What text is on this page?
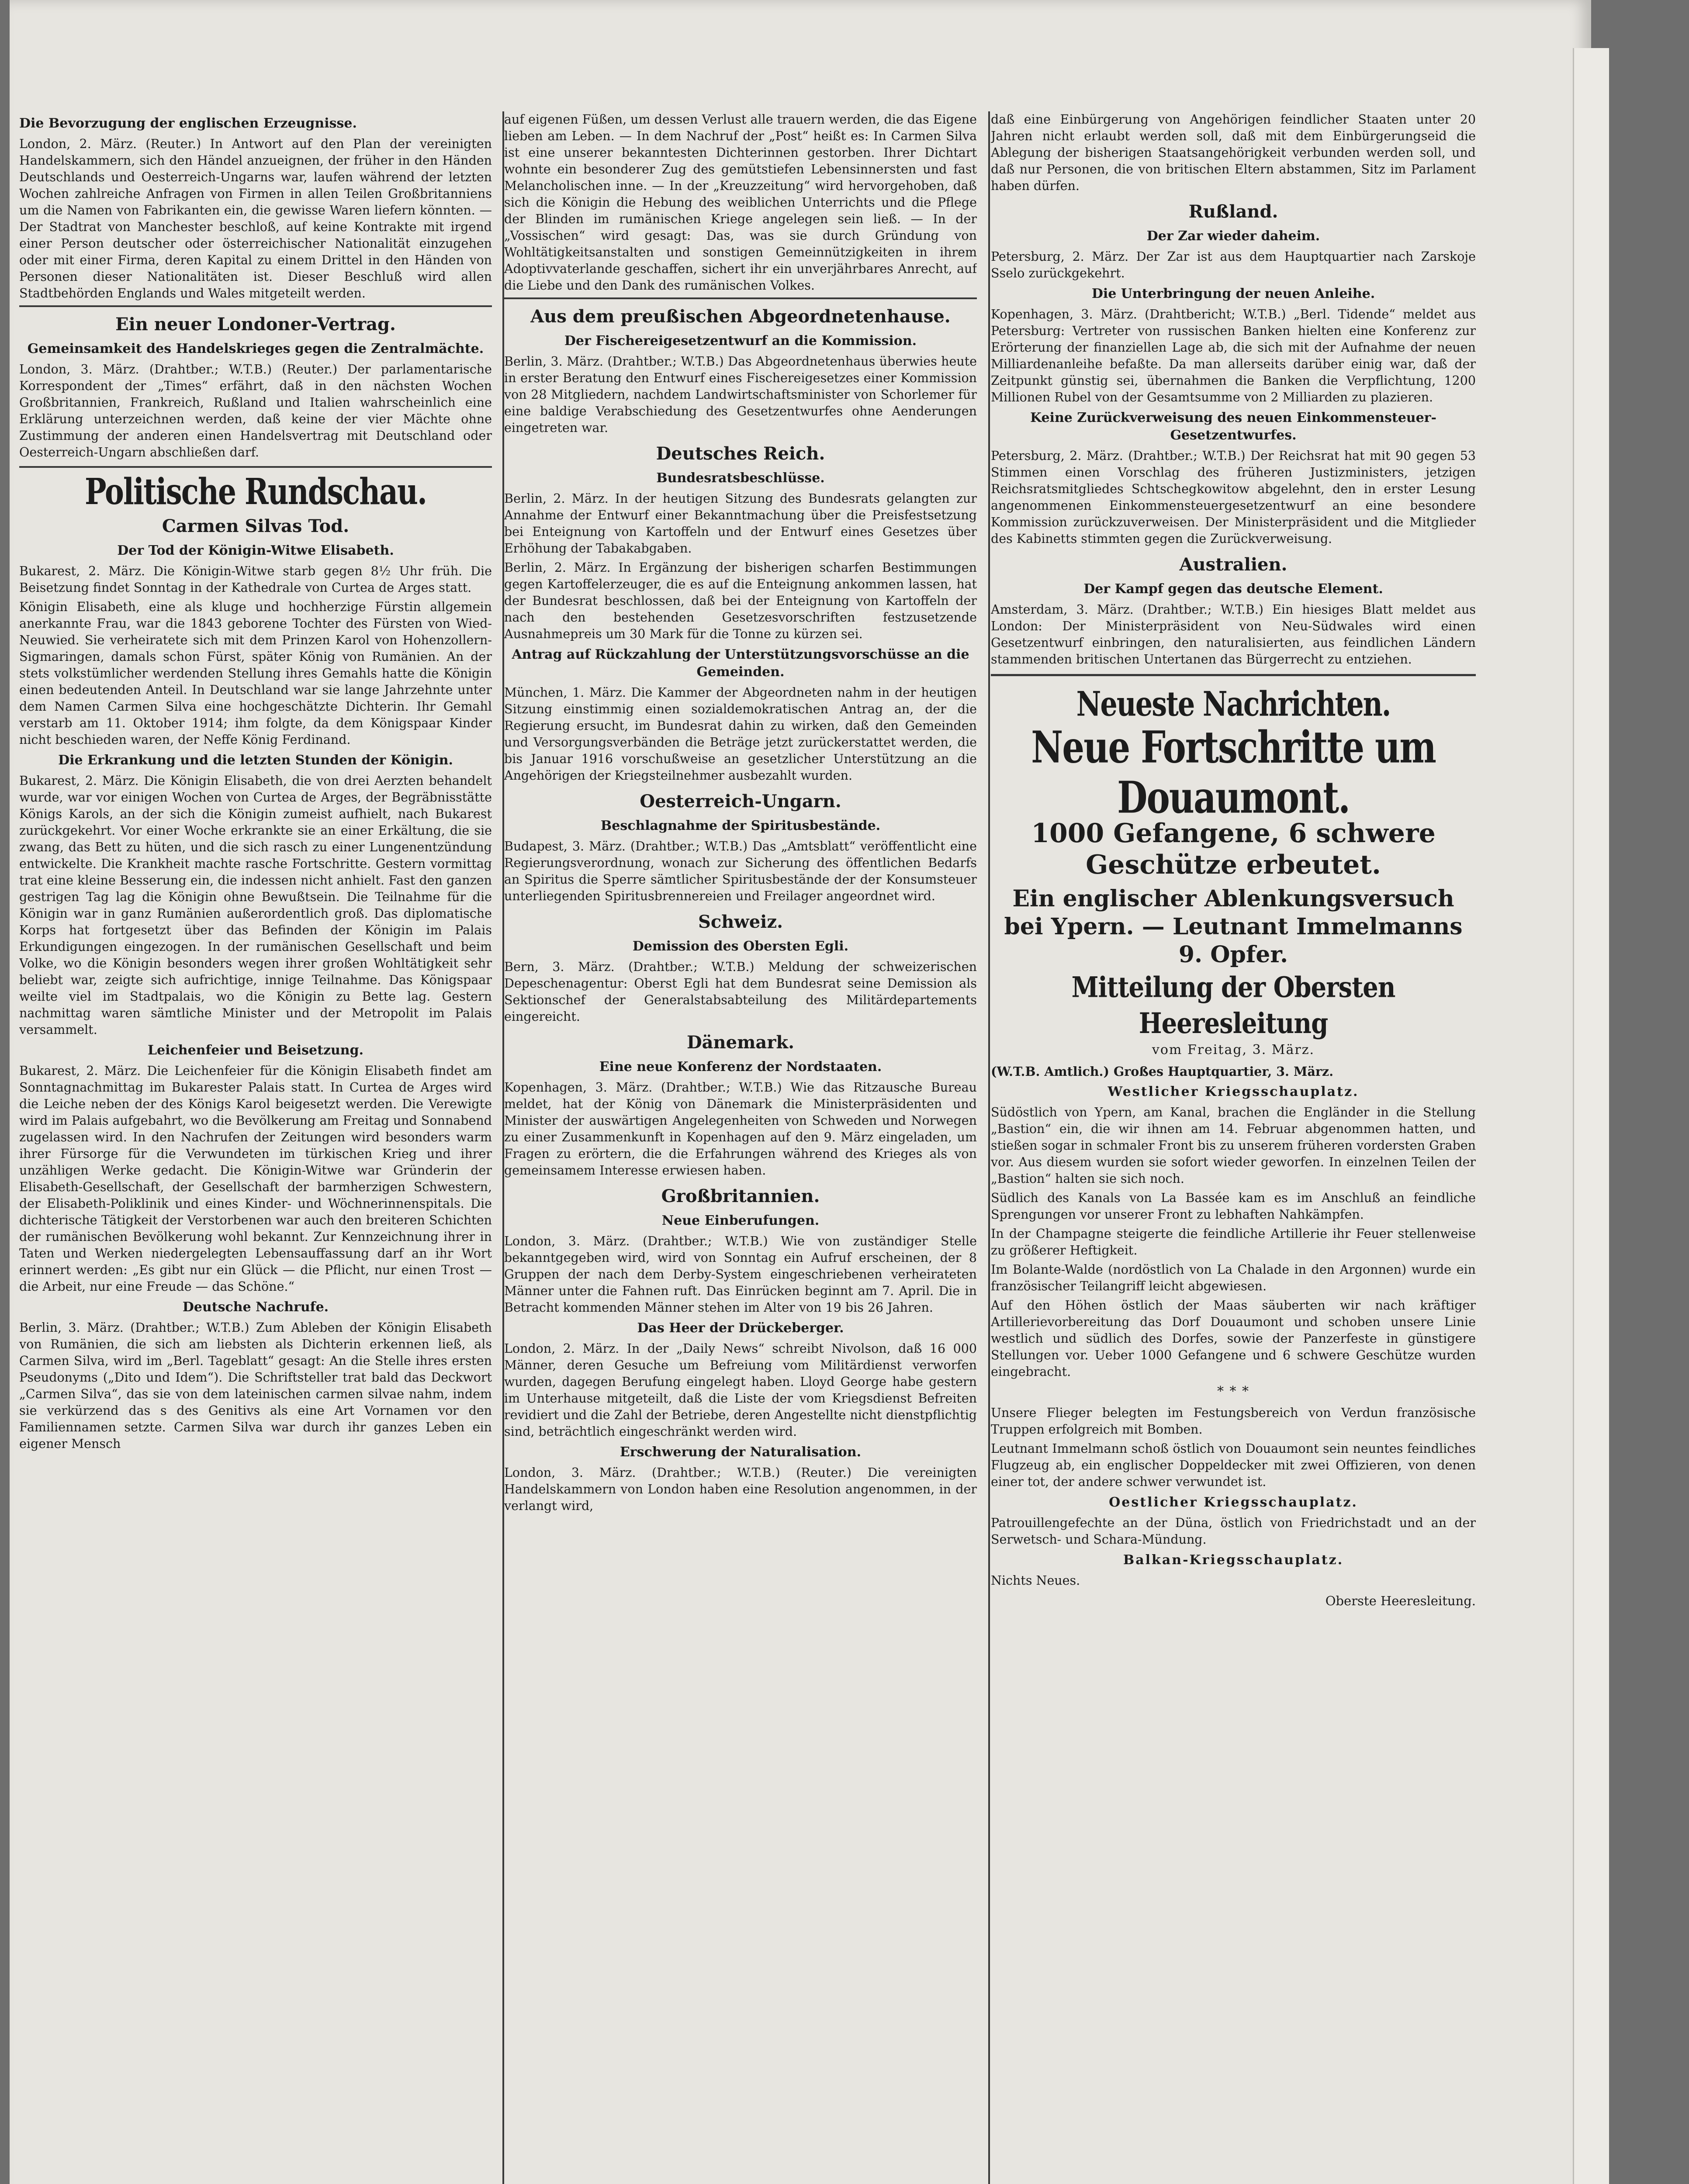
Die Bevorzugung der englischen Erzeugnisse.

London, 2. März. (Reuter.) In Antwort auf den Plan der vereinigten Handelskammern, sich den Händel anzueignen, der früher in den Händen Deutschlands und Oesterreich-Ungarns war, laufen während der letzten Wochen zahlreiche Anfragen von Firmen in allen Teilen Großbritanniens um die Namen von Fabrikanten ein, die gewisse Waren liefern könnten. — Der Stadtrat von Manchester beschloß, auf keine Kontrakte mit irgend einer Person deutscher oder österreichischer Nationalität einzugehen oder mit einer Firma, deren Kapital zu einem Drittel in den Händen von Personen dieser Nationalitäten ist. Dieser Beschluß wird allen Stadtbehörden Englands und Wales mitgeteilt werden.

Ein neuer Londoner-Vertrag.

Gemeinsamkeit des Handelskrieges gegen die Zentralmächte.

London, 3. März. (Drahtber.; W.T.B.) (Reuter.) Der parlamentarische Korrespondent der „Times“ erfährt, daß in den nächsten Wochen Großbritannien, Frankreich, Rußland und Italien wahrscheinlich eine Erklärung unterzeichnen werden, daß keine der vier Mächte ohne Zustimmung der anderen einen Handelsvertrag mit Deutschland oder Oesterreich-Ungarn abschließen darf.

Politische Rundschau.

Carmen Silvas Tod.

Der Tod der Königin-Witwe Elisabeth.

Bukarest, 2. März. Die Königin-Witwe starb gegen 8½ Uhr früh. Die Beisetzung findet Sonntag in der Kathedrale von Curtea de Arges statt.

Königin Elisabeth, eine als kluge und hochherzige Fürstin allgemein anerkannte Frau, war die 1843 geborene Tochter des Fürsten von Wied-Neuwied. Sie verheiratete sich mit dem Prinzen Karol von Hohenzollern-Sigmaringen, damals schon Fürst, später König von Rumänien. An der stets volkstümlicher werdenden Stellung ihres Gemahls hatte die Königin einen bedeutenden Anteil. In Deutschland war sie lange Jahrzehnte unter dem Namen Carmen Silva eine hochgeschätzte Dichterin. Ihr Gemahl verstarb am 11. Oktober 1914; ihm folgte, da dem Königspaar Kinder nicht beschieden waren, der Neffe König Ferdinand.

Die Erkrankung und die letzten Stunden der Königin.

Bukarest, 2. März. Die Königin Elisabeth, die von drei Aerzten behandelt wurde, war vor einigen Wochen von Curtea de Arges, der Begräbnisstätte Königs Karols, an der sich die Königin zumeist aufhielt, nach Bukarest zurückgekehrt. Vor einer Woche erkrankte sie an einer Erkältung, die sie zwang, das Bett zu hüten, und die sich rasch zu einer Lungenentzündung entwickelte. Die Krankheit machte rasche Fortschritte. Gestern vormittag trat eine kleine Besserung ein, die indessen nicht anhielt. Fast den ganzen gestrigen Tag lag die Königin ohne Bewußtsein. Die Teilnahme für die Königin war in ganz Rumänien außerordentlich groß. Das diplomatische Korps hat fortgesetzt über das Befinden der Königin im Palais Erkundigungen eingezogen. In der rumänischen Gesellschaft und beim Volke, wo die Königin besonders wegen ihrer großen Wohltätigkeit sehr beliebt war, zeigte sich aufrichtige, innige Teilnahme. Das Königspaar weilte viel im Stadtpalais, wo die Königin zu Bette lag. Gestern nachmittag waren sämtliche Minister und der Metropolit im Palais versammelt.

Leichenfeier und Beisetzung.

Bukarest, 2. März. Die Leichenfeier für die Königin Elisabeth findet am Sonntagnachmittag im Bukarester Palais statt. In Curtea de Arges wird die Leiche neben der des Königs Karol beigesetzt werden. Die Verewigte wird im Palais aufgebahrt, wo die Bevölkerung am Freitag und Sonnabend zugelassen wird. In den Nachrufen der Zeitungen wird besonders warm ihrer Fürsorge für die Verwundeten im türkischen Krieg und ihrer unzähligen Werke gedacht. Die Königin-Witwe war Gründerin der Elisabeth-Gesellschaft, der Gesellschaft der barmherzigen Schwestern, der Elisabeth-Poliklinik und eines Kinder- und Wöchnerinnenspitals. Die dichterische Tätigkeit der Verstorbenen war auch den breiteren Schichten der rumänischen Bevölkerung wohl bekannt. Zur Kennzeichnung ihrer in Taten und Werken niedergelegten Lebensauffassung darf an ihr Wort erinnert werden: „Es gibt nur ein Glück — die Pflicht, nur einen Trost — die Arbeit, nur eine Freude — das Schöne.“

Deutsche Nachrufe.

Berlin, 3. März. (Drahtber.; W.T.B.) Zum Ableben der Königin Elisabeth von Rumänien, die sich am liebsten als Dichterin erkennen ließ, als Carmen Silva, wird im „Berl. Tageblatt“ gesagt: An die Stelle ihres ersten Pseudonyms („Dito und Idem“). Die Schriftsteller trat bald das Deckwort „Carmen Silva“, das sie von dem lateinischen carmen silvae nahm, indem sie verkürzend das s des Genitivs als eine Art Vornamen vor den Familiennamen setzte. Carmen Silva war durch ihr ganzes Leben ein eigener Mensch

auf eigenen Füßen, um dessen Verlust alle trauern werden, die das Eigene lieben am Leben. — In dem Nachruf der „Post“ heißt es: In Carmen Silva ist eine unserer bekanntesten Dichterinnen gestorben. Ihrer Dichtart wohnte ein besonderer Zug des gemütstiefen Lebensinnersten und fast Melancholischen inne. — In der „Kreuzzeitung“ wird hervorgehoben, daß sich die Königin die Hebung des weiblichen Unterrichts und die Pflege der Blinden im rumänischen Kriege angelegen sein ließ. — In der „Vossischen“ wird gesagt: Das, was sie durch Gründung von Wohltätigkeitsanstalten und sonstigen Gemeinnützigkeiten in ihrem Adoptivvaterlande geschaffen, sichert ihr ein unverjährbares Anrecht, auf die Liebe und den Dank des rumänischen Volkes.

Aus dem preußischen Abgeordnetenhause.

Der Fischereigesetzentwurf an die Kommission.

Berlin, 3. März. (Drahtber.; W.T.B.) Das Abgeordnetenhaus überwies heute in erster Beratung den Entwurf eines Fischereigesetzes einer Kommission von 28 Mitgliedern, nachdem Landwirtschaftsminister von Schorlemer für eine baldige Verabschiedung des Gesetzentwurfes ohne Aenderungen eingetreten war.

Deutsches Reich.

Bundesratsbeschlüsse.

Berlin, 2. März. In der heutigen Sitzung des Bundesrats gelangten zur Annahme der Entwurf einer Bekanntmachung über die Preisfestsetzung bei Enteignung von Kartoffeln und der Entwurf eines Gesetzes über Erhöhung der Tabakabgaben.

Berlin, 2. März. In Ergänzung der bisherigen scharfen Bestimmungen gegen Kartoffelerzeuger, die es auf die Enteignung ankommen lassen, hat der Bundesrat beschlossen, daß bei der Enteignung von Kartoffeln der nach den bestehenden Gesetzesvorschriften festzusetzende Ausnahmepreis um 30 Mark für die Tonne zu kürzen sei.

Antrag auf Rückzahlung der Unterstützungsvorschüsse an die Gemeinden.

München, 1. März. Die Kammer der Abgeordneten nahm in der heutigen Sitzung einstimmig einen sozialdemokratischen Antrag an, der die Regierung ersucht, im Bundesrat dahin zu wirken, daß den Gemeinden und Versorgungsverbänden die Beträge jetzt zurückerstattet werden, die bis Januar 1916 vorschußweise an gesetzlicher Unterstützung an die Angehörigen der Kriegsteilnehmer ausbezahlt wurden.

Oesterreich-Ungarn.

Beschlagnahme der Spiritusbestände.

Budapest, 3. März. (Drahtber.; W.T.B.) Das „Amtsblatt“ veröffentlicht eine Regierungsverordnung, wonach zur Sicherung des öffentlichen Bedarfs an Spiritus die Sperre sämtlicher Spiritusbestände der der Konsumsteuer unterliegenden Spiritusbrennereien und Freilager angeordnet wird.

Schweiz.

Demission des Obersten Egli.

Bern, 3. März. (Drahtber.; W.T.B.) Meldung der schweizerischen Depeschenagentur: Oberst Egli hat dem Bundesrat seine Demission als Sektionschef der Generalstabsabteilung des Militärdepartements eingereicht.

Dänemark.

Eine neue Konferenz der Nordstaaten.

Kopenhagen, 3. März. (Drahtber.; W.T.B.) Wie das Ritzausche Bureau meldet, hat der König von Dänemark die Ministerpräsidenten und Minister der auswärtigen Angelegenheiten von Schweden und Norwegen zu einer Zusammenkunft in Kopenhagen auf den 9. März eingeladen, um Fragen zu erörtern, die die Erfahrungen während des Krieges als von gemeinsamem Interesse erwiesen haben.

Großbritannien.

Neue Einberufungen.

London, 3. März. (Drahtber.; W.T.B.) Wie von zuständiger Stelle bekanntgegeben wird, wird von Sonntag ein Aufruf erscheinen, der 8 Gruppen der nach dem Derby-System eingeschriebenen verheirateten Männer unter die Fahnen ruft. Das Einrücken beginnt am 7. April. Die in Betracht kommenden Männer stehen im Alter von 19 bis 26 Jahren.

Das Heer der Drückeberger.

London, 2. März. In der „Daily News“ schreibt Nivolson, daß 16 000 Männer, deren Gesuche um Befreiung vom Militärdienst verworfen wurden, dagegen Berufung eingelegt haben. Lloyd George habe gestern im Unterhause mitgeteilt, daß die Liste der vom Kriegsdienst Befreiten revidiert und die Zahl der Betriebe, deren Angestellte nicht dienstpflichtig sind, beträchtlich eingeschränkt werden wird.

Erschwerung der Naturalisation.

London, 3. März. (Drahtber.; W.T.B.) (Reuter.) Die vereinigten Handelskammern von London haben eine Resolution angenommen, in der verlangt wird,

daß eine Einbürgerung von Angehörigen feindlicher Staaten unter 20 Jahren nicht erlaubt werden soll, daß mit dem Einbürgerungseid die Ablegung der bisherigen Staatsangehörigkeit verbunden werden soll, und daß nur Personen, die von britischen Eltern abstammen, Sitz im Parlament haben dürfen.

Rußland.

Der Zar wieder daheim.

Petersburg, 2. März. Der Zar ist aus dem Hauptquartier nach Zarskoje Sselo zurückgekehrt.

Die Unterbringung der neuen Anleihe.

Kopenhagen, 3. März. (Drahtbericht; W.T.B.) „Berl. Tidende“ meldet aus Petersburg: Vertreter von russischen Banken hielten eine Konferenz zur Erörterung der finanziellen Lage ab, die sich mit der Aufnahme der neuen Milliardenanleihe befaßte. Da man allerseits darüber einig war, daß der Zeitpunkt günstig sei, übernahmen die Banken die Verpflichtung, 1200 Millionen Rubel von der Gesamtsumme von 2 Milliarden zu plazieren.

Keine Zurückverweisung des neuen Einkommensteuer-Gesetzentwurfes.

Petersburg, 2. März. (Drahtber.; W.T.B.) Der Reichsrat hat mit 90 gegen 53 Stimmen einen Vorschlag des früheren Justizministers, jetzigen Reichsratsmitgliedes Schtschegkowitow abgelehnt, den in erster Lesung angenommenen Einkommensteuergesetzentwurf an eine besondere Kommission zurückzuverweisen. Der Ministerpräsident und die Mitglieder des Kabinetts stimmten gegen die Zurückverweisung.

Australien.

Der Kampf gegen das deutsche Element.

Amsterdam, 3. März. (Drahtber.; W.T.B.) Ein hiesiges Blatt meldet aus London: Der Ministerpräsident von Neu-Südwales wird einen Gesetzentwurf einbringen, den naturalisierten, aus feindlichen Ländern stammenden britischen Untertanen das Bürgerrecht zu entziehen.

Neueste Nachrichten.

Neue Fortschritte um Douaumont.

1000 Gefangene, 6 schwere Geschütze erbeutet.

Ein englischer Ablenkungsversuch bei Ypern. — Leutnant Immelmanns 9. Opfer.

Mitteilung der Obersten Heeresleitung

vom Freitag, 3. März.

(W.T.B. Amtlich.) Großes Hauptquartier, 3. März.

Westlicher Kriegsschauplatz.

Südöstlich von Ypern, am Kanal, brachen die Engländer in die Stellung „Bastion“ ein, die wir ihnen am 14. Februar abgenommen hatten, und stießen sogar in schmaler Front bis zu unserem früheren vordersten Graben vor. Aus diesem wurden sie sofort wieder geworfen. In einzelnen Teilen der „Bastion“ halten sie sich noch.

Südlich des Kanals von La Bassée kam es im Anschluß an feindliche Sprengungen vor unserer Front zu lebhaften Nahkämpfen.

In der Champagne steigerte die feindliche Artillerie ihr Feuer stellenweise zu größerer Heftigkeit.

Im Bolante-Walde (nordöstlich von La Chalade in den Argonnen) wurde ein französischer Teilangriff leicht abgewiesen.

Auf den Höhen östlich der Maas säuberten wir nach kräftiger Artillerievorbereitung das Dorf Douaumont und schoben unsere Linie westlich und südlich des Dorfes, sowie der Panzerfeste in günstigere Stellungen vor. Ueber 1000 Gefangene und 6 schwere Geschütze wurden eingebracht.

* * *

Unsere Flieger belegten im Festungsbereich von Verdun französische Truppen erfolgreich mit Bomben.

Leutnant Immelmann schoß östlich von Douaumont sein neuntes feindliches Flugzeug ab, ein englischer Doppeldecker mit zwei Offizieren, von denen einer tot, der andere schwer verwundet ist.

Oestlicher Kriegsschauplatz.

Patrouillengefechte an der Düna, östlich von Friedrichstadt und an der Serwetsch- und Schara-Mündung.

Balkan-Kriegsschauplatz.

Nichts Neues.

Oberste Heeresleitung.
